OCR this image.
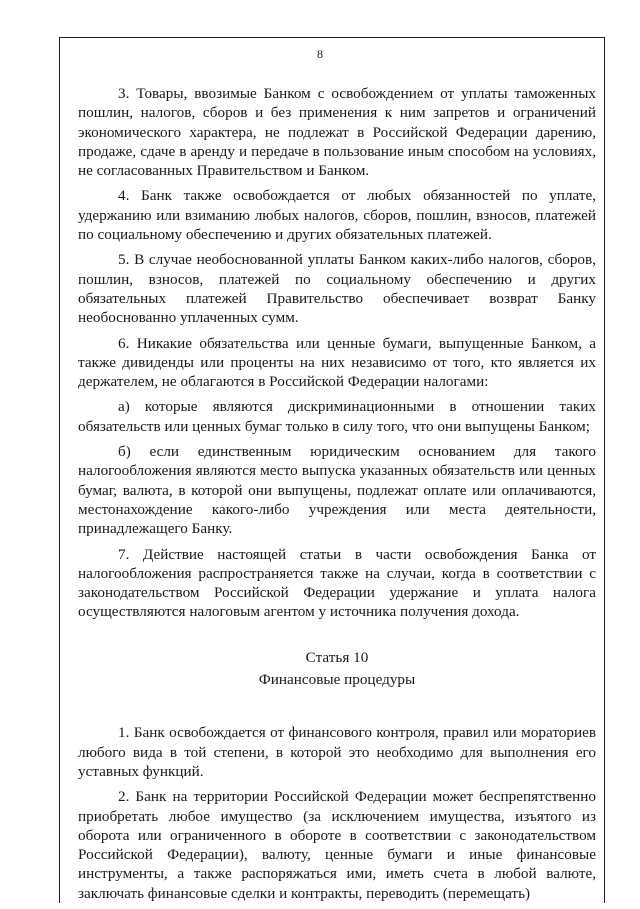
8

3. Товары, ввозимые Банком с освобождением от уплаты таможенных пошлин, налогов, сборов и без применения к ним запретов и ограничений экономического характера, не подлежат в Российской Федерации дарению, продаже, сдаче в аренду и передаче в пользование иным способом на условиях, не согласованных Правительством и Банком.

4. Банк также освобождается от любых обязанностей по уплате, удержанию или взиманию любых налогов, сборов, пошлин, взносов, платежей по социальному обеспечению и других обязательных платежей.

5. В случае необоснованной уплаты Банком каких-либо налогов, сборов, пошлин, взносов, платежей по социальному обеспечению и других обязательных платежей Правительство обеспечивает возврат Банку необоснованно уплаченных сумм.

6. Никакие обязательства или ценные бумаги, выпущенные Банком, а также дивиденды или проценты на них независимо от того, кто является их держателем, не облагаются в Российской Федерации налогами:

а) которые являются дискриминационными в отношении таких обязательств или ценных бумаг только в силу того, что они выпущены Банком;

б) если единственным юридическим основанием для такого налогообложения являются место выпуска указанных обязательств или ценных бумаг, валюта, в которой они выпущены, подлежат оплате или оплачиваются, местонахождение какого-либо учреждения или места деятельности, принадлежащего Банку.

7. Действие настоящей статьи в части освобождения Банка от налогообложения распространяется также на случаи, когда в соответствии с законодательством Российской Федерации удержание и уплата налога осуществляются налоговым агентом у источника получения дохода.

Статья 10
Финансовые процедуры

1. Банк освобождается от финансового контроля, правил или мораториев любого вида в той степени, в которой это необходимо для выполнения его уставных функций.

2. Банк на территории Российской Федерации может беспрепятственно приобретать любое имущество (за исключением имущества, изъятого из оборота или ограниченного в обороте в соответствии с законодательством Российской Федерации), валюту, ценные бумаги и иные финансовые инструменты, а также распоряжаться ими, иметь счета в любой валюте, заключать финансовые сделки и контракты, переводить (перемещать)
